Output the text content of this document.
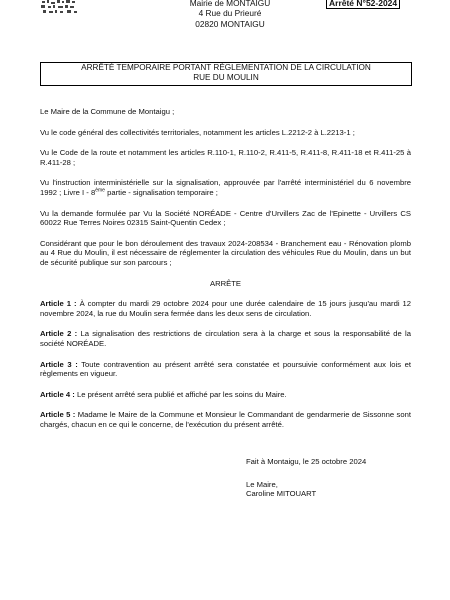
Mairie de MONTAIGU
4 Rue du Prieuré
02820 MONTAIGU
Arrêté N°52-2024
ARRÊTÉ TEMPORAIRE PORTANT RÉGLEMENTATION DE LA CIRCULATION
RUE DU MOULIN

Le Maire de la Commune de Montaigu ;

Vu le code général des collectivités territoriales, notamment les articles L.2212-2 à L.2213-1 ;

Vu le Code de la route et notamment les articles R.110-1, R.110-2, R.411-5, R.411-8, R.411-18 et R.411-25 à R.411-28 ;

Vu l'instruction interministérielle sur la signalisation, approuvée par l'arrêté interministériel du 6 novembre 1992 ; Livre I - 8ème partie - signalisation temporaire ;

Vu la demande formulée par Vu la Société NORÉADE - Centre d'Urvillers Zac de l'Epinette - Urvillers CS 60022 Rue Terres Noires 02315 Saint-Quentin Cedex ;

Considérant que pour le bon déroulement des travaux 2024-208534 - Branchement eau - Rénovation plomb au 4 Rue du Moulin, il est nécessaire de réglementer la circulation des véhicules Rue du Moulin, dans un but de sécurité publique sur son parcours ;

ARRÊTE

Article 1 : À compter du mardi 29 octobre 2024 pour une durée calendaire de 15 jours jusqu'au mardi 12 novembre 2024, la rue du Moulin sera fermée dans les deux sens de circulation.

Article 2 : La signalisation des restrictions de circulation sera à la charge et sous la responsabilité de la société NORÉADE.

Article 3 : Toute contravention au présent arrêté sera constatée et poursuivie conformément aux lois et règlements en vigueur.

Article 4 : Le présent arrêté sera publié et affiché par les soins du Maire.

Article 5 : Madame le Maire de la Commune et Monsieur le Commandant de gendarmerie de Sissonne sont chargés, chacun en ce qui le concerne, de l'exécution du présent arrêté.

Fait à Montaigu, le 25 octobre 2024
Le Maire,
Caroline MITOUART
